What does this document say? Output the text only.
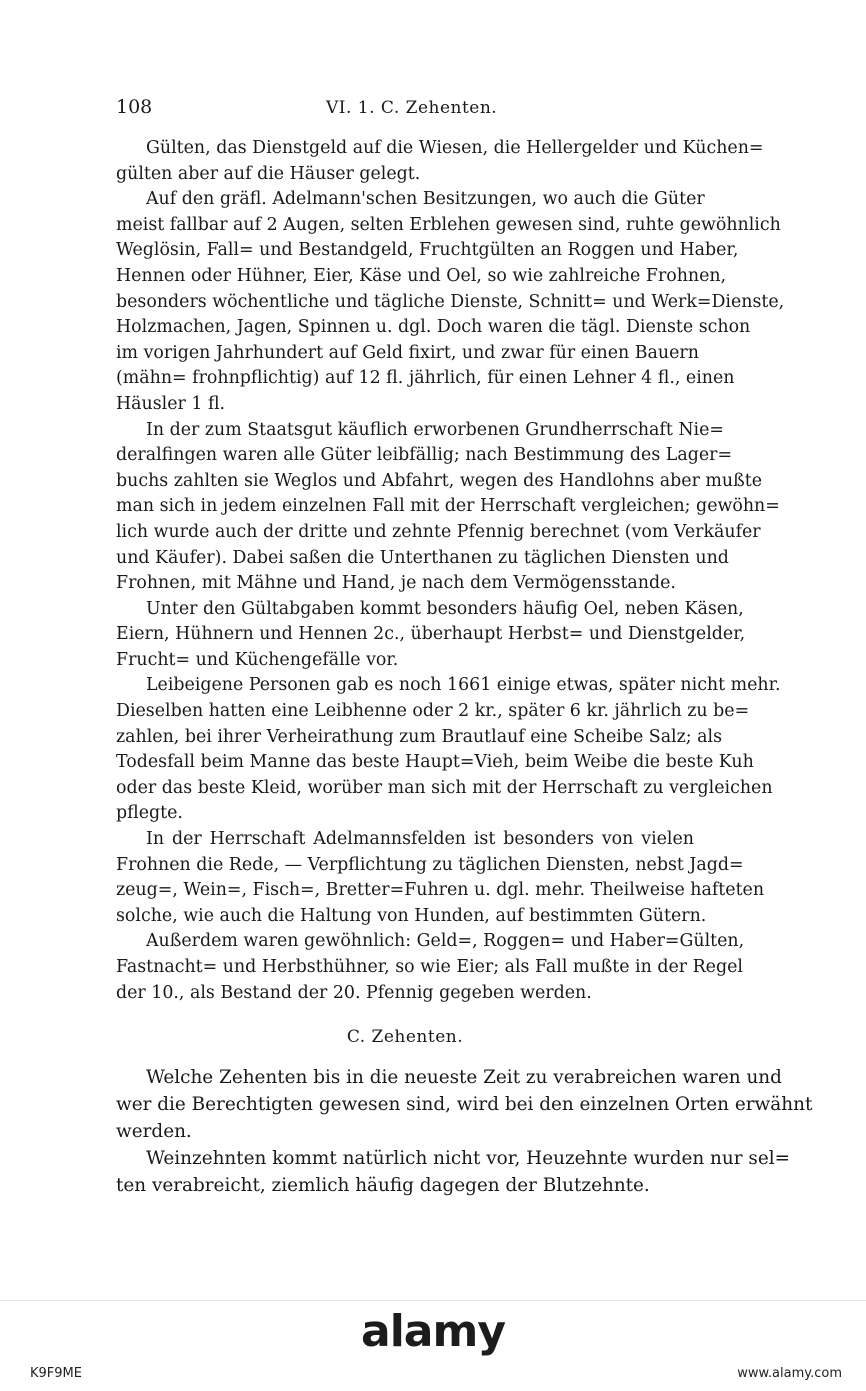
108	VI. 1. C. Zehenten.
Gülten, das Dienstgeld auf die Wiesen, die Hellergelder und Küchen=
gülten aber auf die Häuser gelegt.
Auf den gräfl. Adelmann'schen Besitzungen, wo auch die Güter
meist fallbar auf 2 Augen, selten Erblehen gewesen sind, ruhte gewöhnlich
Weglösin, Fall= und Bestandgeld, Fruchtgülten an Roggen und Haber,
Hennen oder Hühner, Eier, Käse und Oel, so wie zahlreiche Frohnen,
besonders wöchentliche und tägliche Dienste, Schnitt= und Werk=Dienste,
Holzmachen, Jagen, Spinnen u. dgl. Doch waren die tägl. Dienste schon
im vorigen Jahrhundert auf Geld fixirt, und zwar für einen Bauern
(mähn= frohnpflichtig) auf 12 fl. jährlich, für einen Lehner 4 fl., einen
Häusler 1 fl.
In der zum Staatsgut käuflich erworbenen Grundherrschaft Nie=
deralfingen waren alle Güter leibfällig; nach Bestimmung des Lager=
buchs zahlten sie Weglos und Abfahrt, wegen des Handlohns aber mußte
man sich in jedem einzelnen Fall mit der Herrschaft vergleichen; gewöhn=
lich wurde auch der dritte und zehnte Pfennig berechnet (vom Verkäufer
und Käufer). Dabei saßen die Unterthanen zu täglichen Diensten und
Frohnen, mit Mähne und Hand, je nach dem Vermögensstande.
Unter den Gültabgaben kommt besonders häufig Oel, neben Käsen,
Eiern, Hühnern und Hennen 2c., überhaupt Herbst= und Dienstgelder,
Frucht= und Küchengefälle vor.
Leibeigene Personen gab es noch 1661 einige etwas, später nicht mehr.
Dieselben hatten eine Leibhenne oder 2 kr., später 6 kr. jährlich zu be=
zahlen, bei ihrer Verheirathung zum Brautlauf eine Scheibe Salz; als
Todesfall beim Manne das beste Haupt=Vieh, beim Weibe die beste Kuh
oder das beste Kleid, worüber man sich mit der Herrschaft zu vergleichen
pflegte.
In der Herrschaft Adelmannsfelden ist besonders von vielen
Frohnen die Rede, — Verpflichtung zu täglichen Diensten, nebst Jagd=
zeug=, Wein=, Fisch=, Bretter=Fuhren u. dgl. mehr. Theilweise hafteten
solche, wie auch die Haltung von Hunden, auf bestimmten Gütern.
Außerdem waren gewöhnlich: Geld=, Roggen= und Haber=Gülten,
Fastnacht= und Herbsthühner, so wie Eier; als Fall mußte in der Regel
der 10., als Bestand der 20. Pfennig gegeben werden.
C. Zehenten.
Welche Zehenten bis in die neueste Zeit zu verabreichen waren und
wer die Berechtigten gewesen sind, wird bei den einzelnen Orten erwähnt
werden.
Weinzehnten kommt natürlich nicht vor, Heuzehnte wurden nur sel=
ten verabreicht, ziemlich häufig dagegen der Blutzehnte.
alamy
K9F9ME	www.alamy.com
